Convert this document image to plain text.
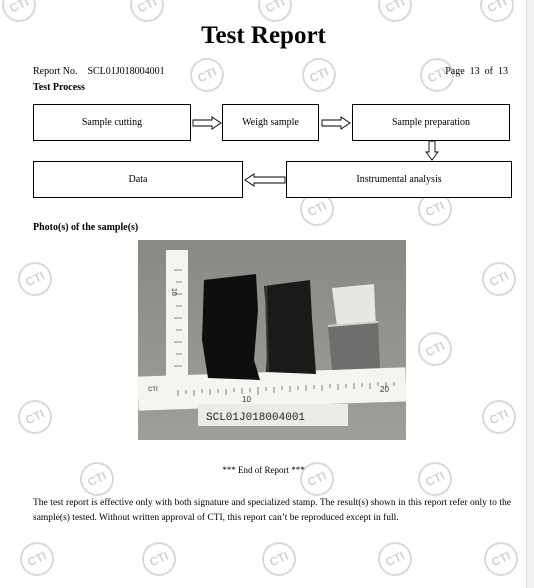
CTI
CTI
CTI
CTI
CTI
CTI
CTI
CTI
CTI
CTI
CTI
CTI
CTI
CTI
CTI
CTI
CTI
CTI
CTI
CTI
CTI
CTI
CTI
Test Report
Report No. SCL01J018004001	Page  13  of  13
Test Process
Sample cutting	Weigh sample	Sample preparation
Instrumental analysis
Data
Photo(s) of the sample(s)
CTI
10
20
10
SCL01J018004001
*** End of Report ***
The test report is effective only with both signature and specialized stamp. The result(s) shown in this report refer only to the sample(s) tested. Without written approval of CTI, this report can’t be reproduced except in full.
